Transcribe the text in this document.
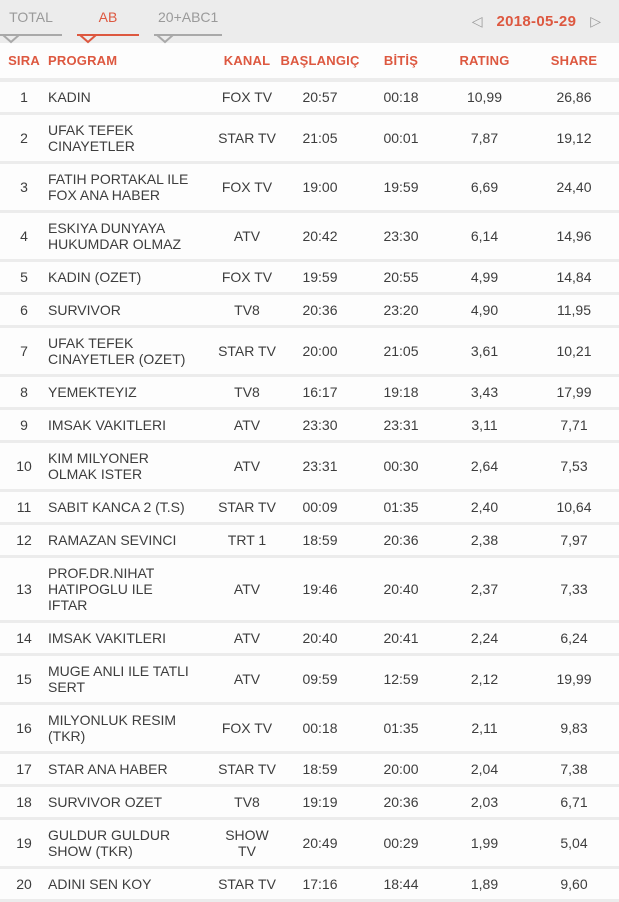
TOTAL	AB	20+ABC1	◁ 2018-05-29	▷
SIRA	PROGRAM	KANAL	BAŞLANGIÇ	BİTİŞ	RATING	SHARE
1	KADIN	FOX TV	20:57	00:18	10,99	26,86
2	UFAK TEFEK CINAYETLER	STAR TV	21:05	00:01	7,87	19,12
3	FATIH PORTAKAL ILE FOX ANA HABER	FOX TV	19:00	19:59	6,69	24,40
4	ESKIYA DUNYAYA HUKUMDAR OLMAZ	ATV	20:42	23:30	6,14	14,96
5	KADIN (OZET)	FOX TV	19:59	20:55	4,99	14,84
6	SURVIVOR	TV8	20:36	23:20	4,90	11,95
7	UFAK TEFEK CINAYETLER (OZET)	STAR TV	20:00	21:05	3,61	10,21
8	YEMEKTEYIZ	TV8	16:17	19:18	3,43	17,99
9	IMSAK VAKITLERI	ATV	23:30	23:31	3,11	7,71
10	KIM MILYONER OLMAK ISTER	ATV	23:31	00:30	2,64	7,53
11	SABIT KANCA 2 (T.S)	STAR TV	00:09	01:35	2,40	10,64
12	RAMAZAN SEVINCI	TRT 1	18:59	20:36	2,38	7,97
13	PROF.DR.NIHAT HATIPOGLU ILE IFTAR	ATV	19:46	20:40	2,37	7,33
14	IMSAK VAKITLERI	ATV	20:40	20:41	2,24	6,24
15	MUGE ANLI ILE TATLI SERT	ATV	09:59	12:59	2,12	19,99
16	MILYONLUK RESIM (TKR)	FOX TV	00:18	01:35	2,11	9,83
17	STAR ANA HABER	STAR TV	18:59	20:00	2,04	7,38
18	SURVIVOR OZET	TV8	19:19	20:36	2,03	6,71
19	GULDUR GULDUR SHOW (TKR)	SHOW TV	20:49	00:29	1,99	5,04
20	ADINI SEN KOY	STAR TV	17:16	18:44	1,89	9,60
